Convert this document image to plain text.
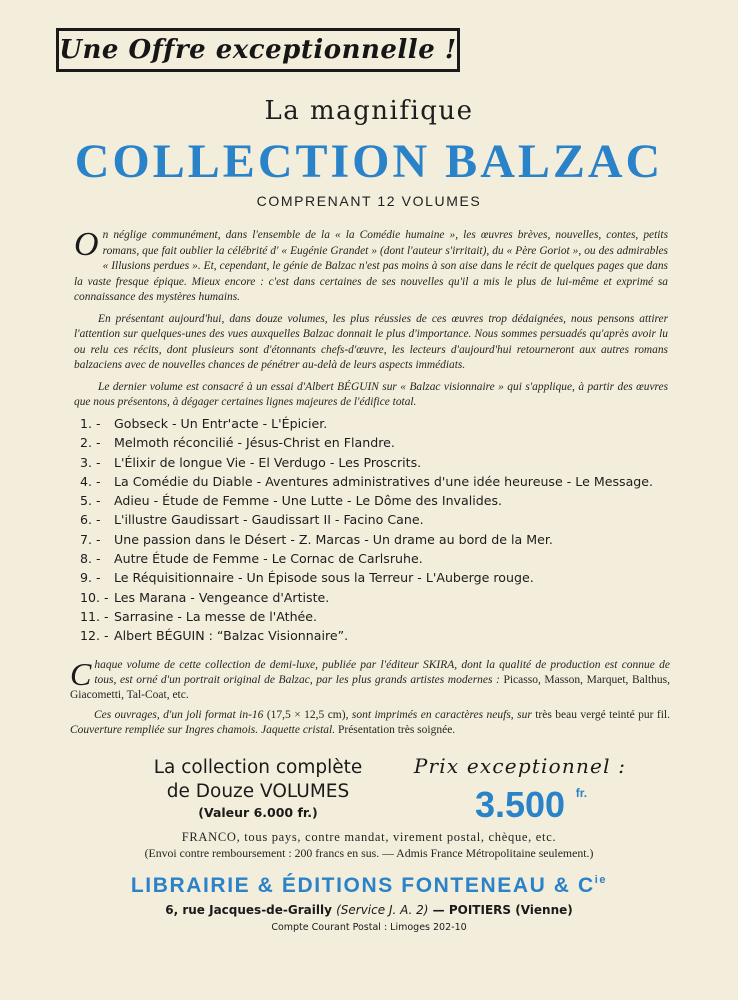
Une Offre exceptionnelle !
La magnifique
COLLECTION BALZAC
COMPRENANT 12 VOLUMES

On néglige communément, dans l'ensemble de la « la Comédie humaine », les œuvres brèves, nouvelles, contes, petits romans, que fait oublier la célébrité d' « Eugénie Grandet » (dont l'auteur s'irritait), du « Père Goriot », ou des admirables « Illusions perdues ». Et, cependant, le génie de Balzac n'est pas moins à son aise dans le récit de quelques pages que dans la vaste fresque épique. Mieux encore : c'est dans certaines de ses nouvelles qu'il a mis le plus de lui-même et exprimé sa connaissance des mystères humains.

En présentant aujourd'hui, dans douze volumes, les plus réussies de ces œuvres trop dédaignées, nous pensons attirer l'attention sur quelques-unes des vues auxquelles Balzac donnait le plus d'importance. Nous sommes persuadés qu'après avoir lu ou relu ces récits, dont plusieurs sont d'étonnants chefs-d'œuvre, les lecteurs d'aujourd'hui retourneront aux autres romans balzaciens avec de nouvelles chances de pénétrer au-delà de leurs aspects immédiats.

Le dernier volume est consacré à un essai d'Albert BÉGUIN sur « Balzac visionnaire » qui s'applique, à partir des œuvres que nous présentons, à dégager certaines lignes majeures de l'édifice total.

1. - Gobseck - Un Entr'acte - L'Épicier.
2. - Melmoth réconcilié - Jésus-Christ en Flandre.
3. - L'Élixir de longue Vie - El Verdugo - Les Proscrits.
4. - La Comédie du Diable - Aventures administratives d'une idée heureuse - Le Message.
5. - Adieu - Étude de Femme - Une Lutte - Le Dôme des Invalides.
6. - L'illustre Gaudissart - Gaudissart II - Facino Cane.
7. - Une passion dans le Désert - Z. Marcas - Un drame au bord de la Mer.
8. - Autre Étude de Femme - Le Cornac de Carlsruhe.
9. - Le Réquisitionnaire - Un Épisode sous la Terreur - L'Auberge rouge.
10. - Les Marana - Vengeance d'Artiste.
11. - Sarrasine - La messe de l'Athée.
12. - Albert BÉGUIN : “Balzac Visionnaire”.

Chaque volume de cette collection de demi-luxe, publiée par l'éditeur SKIRA, dont la qualité de production est connue de tous, est orné d'un portrait original de Balzac, par les plus grands artistes modernes : Picasso, Masson, Marquet, Balthus, Giacometti, Tal-Coat, etc.

Ces ouvrages, d'un joli format in-16 (17,5 × 12,5 cm), sont imprimés en caractères neufs, sur très beau vergé teinté pur fil. Couverture rempliée sur Ingres chamois. Jaquette cristal. Présentation très soignée.

La collection complète
de Douze VOLUMES
(Valeur 6.000 fr.)
Prix exceptionnel :
3.500 fr.
FRANCO, tous pays, contre mandat, virement postal, chèque, etc.
(Envoi contre remboursement : 200 francs en sus. — Admis France Métropolitaine seulement.)
LIBRAIRIE & ÉDITIONS FONTENEAU & $C^{ie}$
6, rue Jacques-de-Grailly (Service J. A. 2) — POITIERS (Vienne)
Compte Courant Postal : Limoges 202-10
